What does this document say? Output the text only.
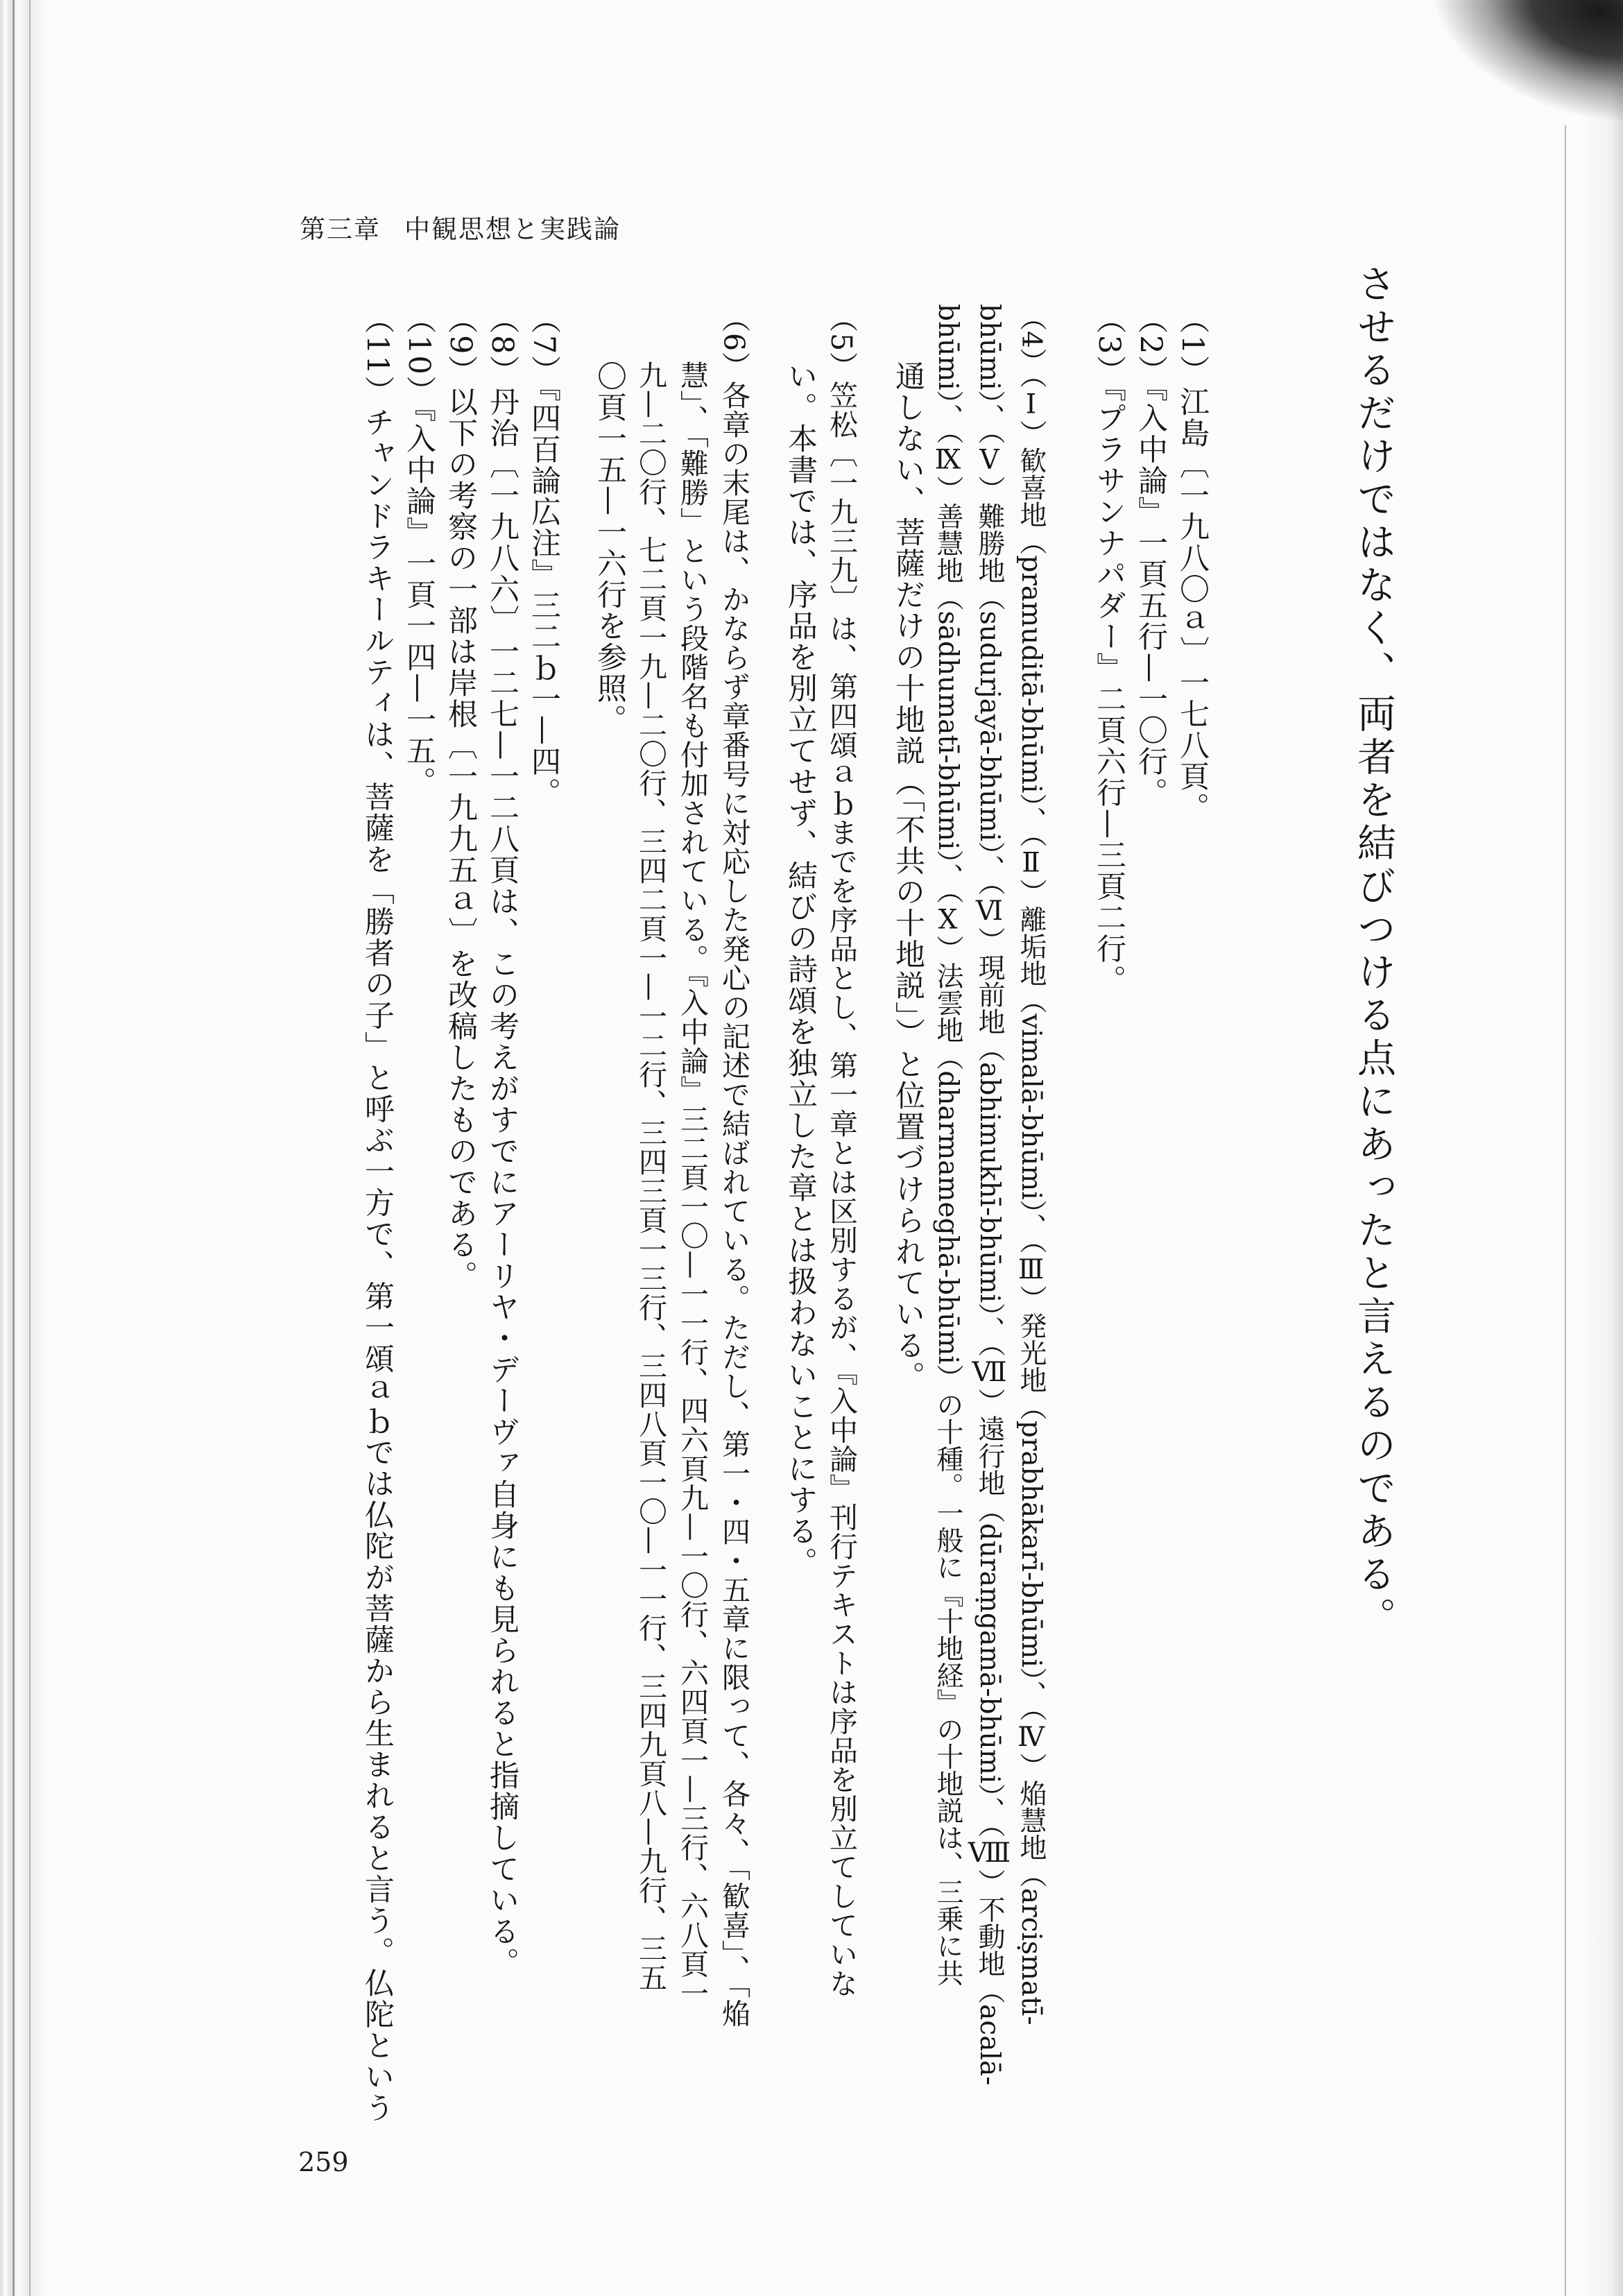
第三章 中観思想と実践論
させるだけではなく、両者を結びつける点にあったと言えるのである。
（1）江島〔一九八〇ａ〕一七八頁。
（2）『入中論』一頁五行—一〇行。
（3）『プラサンナパダー』二頁六行—三頁二行。
（4）（Ⅰ）歓喜地（pramuditā-bhūmi）、（Ⅱ）離垢地（vimalā-bhūmi）、（Ⅲ）発光地（prabhākarī-bhūmi）、（Ⅳ）焔慧地（arciṣmatī-
bhūmi）、（Ⅴ）難勝地（sudurjayā-bhūmi）、（Ⅵ）現前地（abhimukhī-bhūmi）、（Ⅶ）遠行地（dūraṃgamā-bhūmi）、（Ⅷ）不動地（acalā-
bhūmi）、（Ⅸ）善慧地（sādhumatī-bhūmi）、（Ⅹ）法雲地（dharmameghā-bhūmi）の十種。一般に『十地経』の十地説は、三乗に共
通しない、菩薩だけの十地説（「不共の十地説」）と位置づけられている。
（5）笠松〔一九三九〕は、第四頌ａｂまでを序品とし、第一章とは区別するが、『入中論』刊行テキストは序品を別立てしていな
い。本書では、序品を別立てせず、結びの詩頌を独立した章とは扱わないことにする。
（6）各章の末尾は、かならず章番号に対応した発心の記述で結ばれている。ただし、第一・四・五章に限って、各々、「歓喜」、「焔
慧」、「難勝」という段階名も付加されている。『入中論』三二頁一〇—一一行、四六頁九—一〇行、六四頁一—三行、六八頁一
九—二〇行、七二頁一九—二〇行、三四二頁一—一二行、三四三頁一三行、三四八頁一〇—一一行、三四九頁八—九行、三五
〇頁一五—一六行を参照。
（7）『四百論広注』三二ｂ一—四。
（8）丹治〔一九八六〕一二七—一二八頁は、この考えがすでにアーリヤ・デーヴァ自身にも見られると指摘している。
（9）以下の考察の一部は岸根〔一九九五ａ〕を改稿したものである。
（10）『入中論』一頁一四—一五。
（11）チャンドラキールティは、菩薩を「勝者の子」と呼ぶ一方で、第一頌ａｂでは仏陀が菩薩から生まれると言う。仏陀という
259
